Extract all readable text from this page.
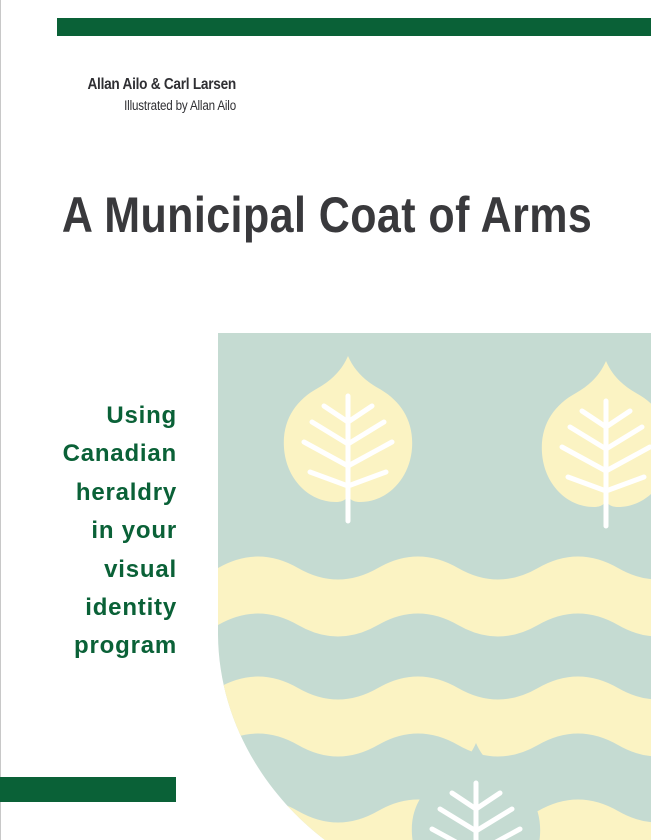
Allan Ailo & Carl Larsen
Illustrated by Allan Ailo
A Municipal Coat of Arms
Using
Canadian
heraldry
in your
visual
identity
program
